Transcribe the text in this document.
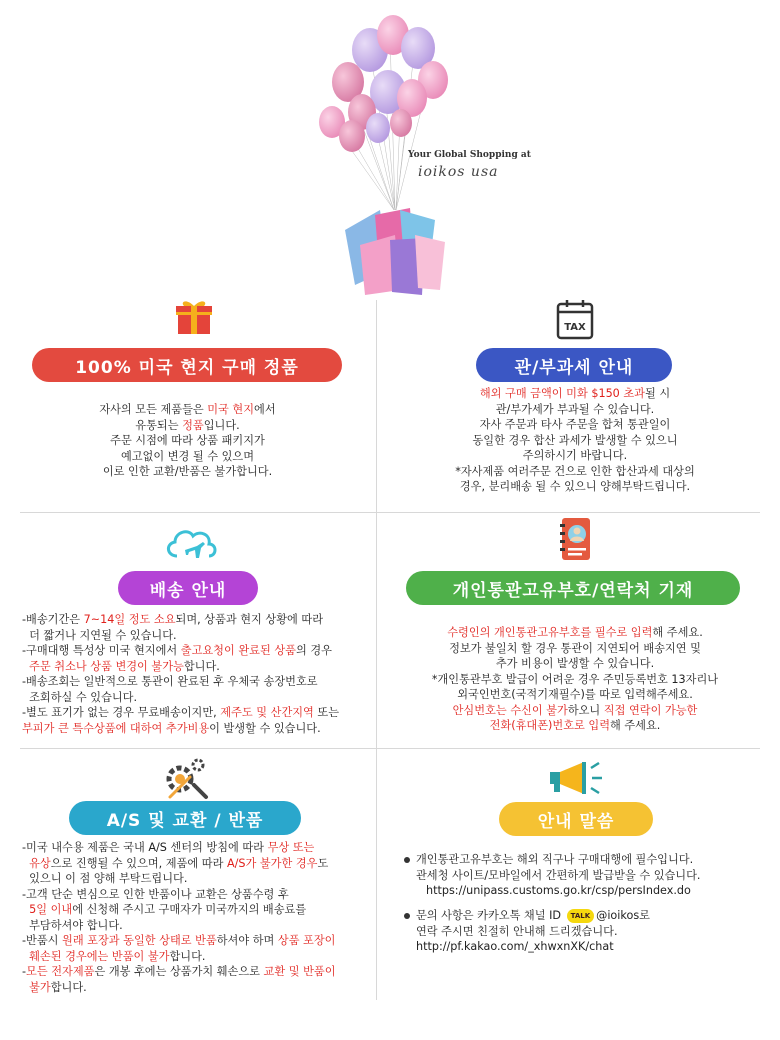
Your Global Shopping at
ioikos usa
100% 미국 현지 구매 정품
자사의 모든 제품들은 미국 현지에서
유통되는 정품입니다.
주문 시점에 따라 상품 패키지가
예고없이 변경 될 수 있으며
이로 인한 교환/반품은 불가합니다.
TAX
관/부과세 안내
해외 구매 금액이 미화 $150 초과될 시
관/부가세가 부과될 수 있습니다.
자사 주문과 타사 주문을 합쳐 통관일이
동일한 경우 합산 과세가 발생할 수 있으니
주의하시기 바랍니다.
*자사제품 여러주문 건으로 인한 합산과세 대상의
경우, 분리배송 될 수 있으니 양해부탁드립니다.
배송 안내
-배송기간은 7~14일 정도 소요되며, 상품과 현지 상황에 따라
더 짧거나 지연될 수 있습니다.
-구매대행 특성상 미국 현지에서 출고요청이 완료된 상품의 경우
주문 취소나 상품 변경이 불가능합니다.
-배송조회는 일반적으로 통관이 완료된 후 우체국 송장번호로
조회하실 수 있습니다.
-별도 표기가 없는 경우 무료배송이지만, 제주도 및 산간지역 또는
부피가 큰 특수상품에 대하여 추가비용이 발생할 수 있습니다.
개인통관고유부호/연락처 기재
수령인의 개인통관고유부호를 필수로 입력해 주세요.
정보가 불일치 할 경우 통관이 지연되어 배송지연 및
추가 비용이 발생할 수 있습니다.
*개인통관부호 발급이 어려운 경우 주민등록번호 13자리나
외국인번호(국적기재필수)를 따로 입력해주세요.
안심번호는 수신이 불가하오니 직접 연락이 가능한
전화(휴대폰)번호로 입력해 주세요.
A/S 및 교환 / 반품
-미국 내수용 제품은 국내 A/S 센터의 방침에 따라 무상 또는
유상으로 진행될 수 있으며, 제품에 따라 A/S가 불가한 경우도
있으니 이 점 양해 부탁드립니다.
-고객 단순 변심으로 인한 반품이나 교환은 상품수령 후
5일 이내에 신청해 주시고 구매자가 미국까지의 배송료를
부담하셔야 합니다.
-반품시 원래 포장과 동일한 상태로 반품하셔야 하며 상품 포장이
훼손된 경우에는 반품이 불가합니다.
-모든 전자제품은 개봉 후에는 상품가치 훼손으로 교환 및 반품이
불가합니다.
안내 말씀
개인통관고유부호는 해외 직구나 구매대행에 필수입니다.
관세청 사이트/모바일에서 간편하게 발급받을 수 있습니다.
https://unipass.customs.go.kr/csp/persIndex.do
문의 사항은 카카오톡 채널 ID TALK @ioikos로
연락 주시면 친절히 안내해 드리겠습니다.
http://pf.kakao.com/_xhwxnXK/chat
